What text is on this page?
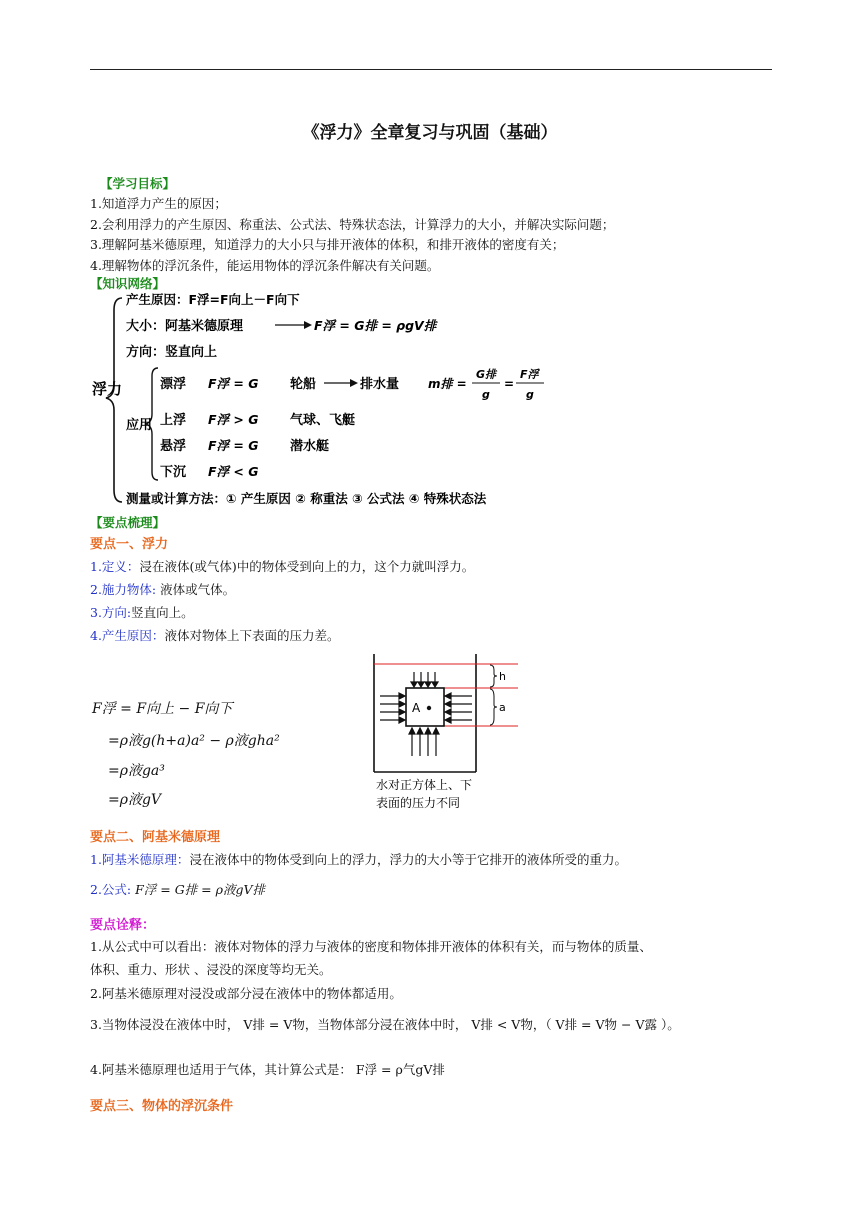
《浮力》全章复习与巩固（基础）
【学习目标】
1.知道浮力产生的原因；
2.会利用浮力的产生原因、称重法、公式法、特殊状态法，计算浮力的大小，并解决实际问题；
3.理解阿基米德原理，知道浮力的大小只与排开液体的体积，和排开液体的密度有关；
4.理解物体的浮沉条件，能运用物体的浮沉条件解决有关问题。
【知识网络】
浮力
产生原因：F浮=F向上－F向下
大小：阿基米德原理	F浮 = G排 = ρgV排
方向：竖直向上
应用
漂浮 F浮 = G 轮船	排水量 m排 =
G排
g
=
F浮
g
上浮 F浮 > G 气球、飞艇
悬浮 F浮 = G 潜水艇
下沉 F浮 < G
测量或计算方法：① 产生原因 ② 称重法 ③ 公式法 ④ 特殊状态法
【要点梳理】
要点一、浮力
1.定义：浸在液体(或气体)中的物体受到向上的力，这个力就叫浮力。
2.施力物体: 液体或气体。
3.方向:竖直向上。
4.产生原因：液体对物体上下表面的压力差。
F浮 = F向上 − F向下
=ρ液g(h+a)a² − ρ液gha²
=ρ液ga³
=ρ液gV
A
h
a
水对正方体上、下
表面的压力不同
要点二、阿基米德原理
1.阿基米德原理：浸在液体中的物体受到向上的浮力，浮力的大小等于它排开的液体所受的重力。
2.公式: F浮 = G排 = ρ液gV排
要点诠释：
1.从公式中可以看出：液体对物体的浮力与液体的密度和物体排开液体的体积有关，而与物体的质量、
体积、重力、形状 、浸没的深度等均无关。
2.阿基米德原理对浸没或部分浸在液体中的物体都适用。
3.当物体浸没在液体中时， V排 = V物，当物体部分浸在液体中时， V排 < V物，（ V排 = V物 − V露 ）。
4.阿基米德原理也适用于气体，其计算公式是： F浮 = ρ气gV排
要点三、物体的浮沉条件
